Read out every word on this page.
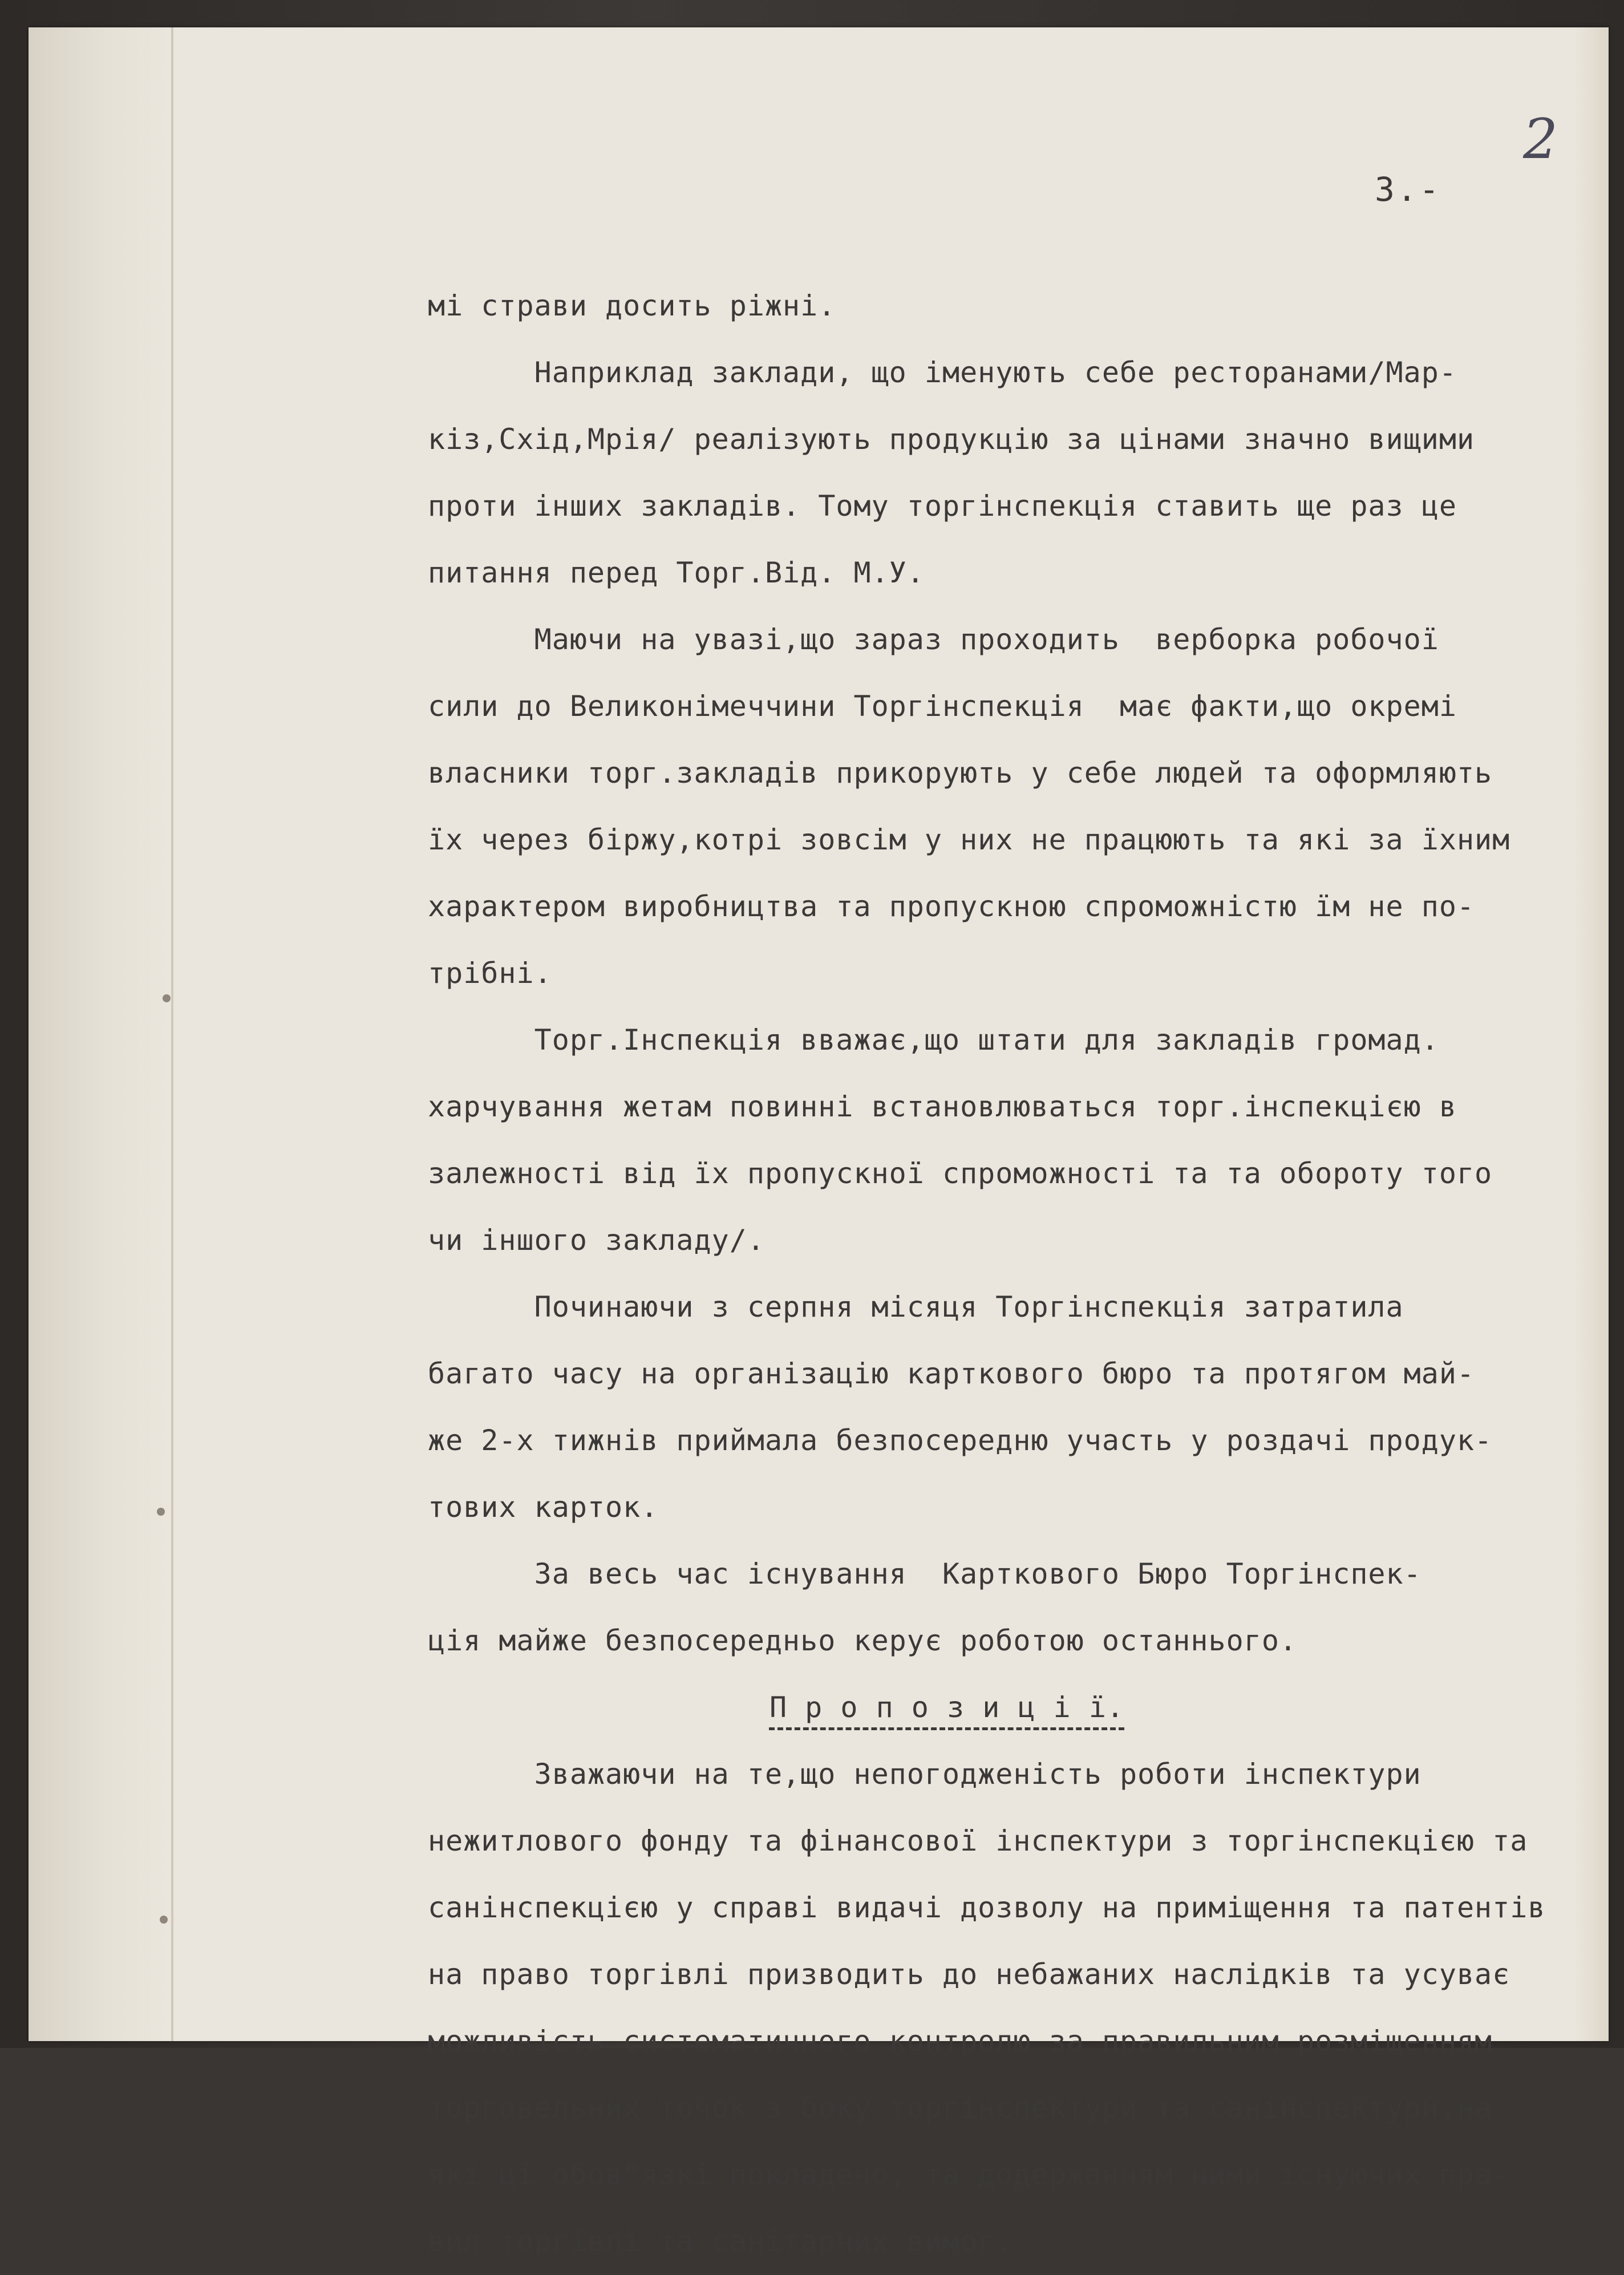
2
3.-
мі страви досить ріжні.
Наприклад заклади, що іменують себе ресторанами/Мар-
кіз,Схід,Мрія/ реалізують продукцію за цінами значно вищими
проти інших закладів. Тому торгінспекція ставить ще раз це
питання перед Торг.Від. М.У.
Маючи на увазі,що зараз проходить  верборка робочої
сили до Великонімеччини Торгінспекція  має факти,що окремі
власники торг.закладів прикоpують у себе людей та оформляють
їх через біржу,котрі зовсім у них не працюють та які за їхним
характером виробництва та пропускною спроможністю їм не по-
трібні.
Торг.Інспекція вважає,що штати для закладів громад.
харчування жетам повинні встановлюваться торг.інспекцією в
залежності від їх пропускної спроможності та та обороту того
чи іншого закладу/.
Починаючи з серпня місяця Торгінспекція затратила
багато часу на організацію карткового бюро та протягом май-
же 2-х тижнів приймала безпосередню участь у роздачі продук-
тових карток.
За весь час існування  Карткового Бюро Торгінспек-
ція майже безпосередньо керує роботою останнього.
П р о п о з и ц і ї.
Зважаючи на те,що непогодженість роботи інспектури
нежитлового фонду та фінансової інспектури з торгінспекцією та
санінспекцією у справі видачі дозволу на приміщення та патентів
на право торгівлі призводить до небажаних наслідків та усуває
можливість систематичного контролю за правильним розміщенням
торговельних точок з боку торгінспектури та санінспектури,на
які ці обов"язкі покладено, та додержанням ними існуючих пра-
вил торгівлі та санітарних вимог.
